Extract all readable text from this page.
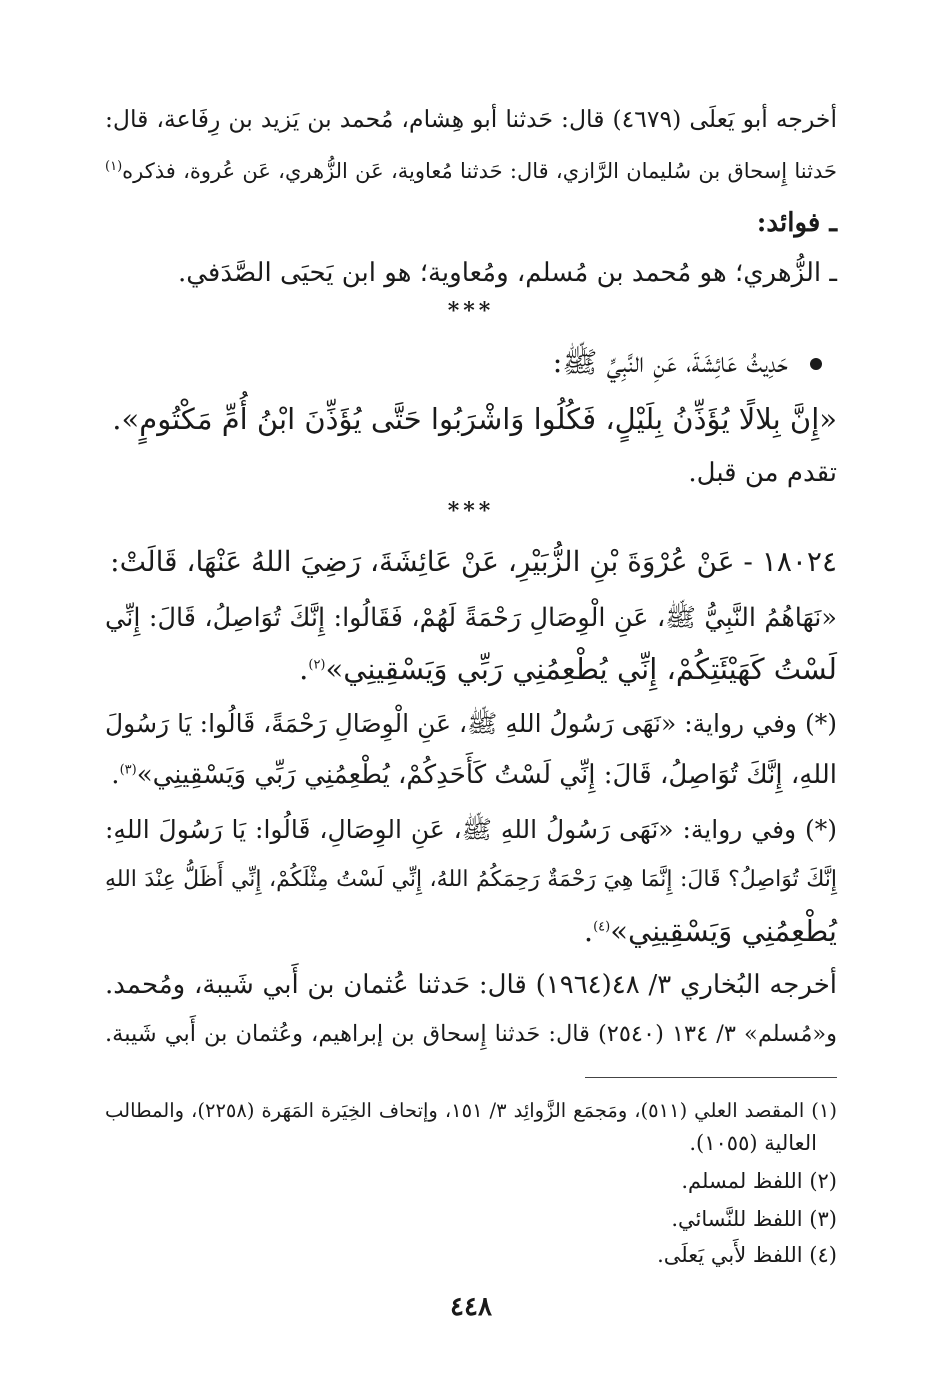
أخرجه أبو يَعلَى (٤٦٧٩) قال: حَدثنا أبو هِشام، مُحمد بن يَزيد بن رِفَاعة، قال:
حَدثنا إِسحاق بن سُليمان الرَّازي، قال: حَدثنا مُعاوية، عَن الزُّهري، عَن عُروة، فذكره$^{(١)}$
ـ فوائد:
ـ الزُّهري؛ هو مُحمد بن مُسلم، ومُعاوية؛ هو ابن يَحيَى الصَّدَفي.
***
حَدِيثُ عَائِشَةَ، عَنِ النَّبِيِّ ﷺ:
«إِنَّ بِلالًا يُؤَذِّنُ بِلَيْلٍ، فَكُلُوا وَاشْرَبُوا حَتَّى يُؤَذِّنَ ابْنُ أُمِّ مَكْتُومٍ».
تقدم من قبل.
***
١٨٠٢٤ - عَنْ عُرْوَةَ بْنِ الزُّبَيْرِ، عَنْ عَائِشَةَ، رَضِيَ اللهُ عَنْهَا، قَالَتْ:
«نَهَاهُمُ النَّبِيُّ ﷺ، عَنِ الْوِصَالِ رَحْمَةً لَهُمْ، فَقَالُوا: إِنَّكَ تُوَاصِلُ، قَالَ: إِنِّي
لَسْتُ كَهَيْئَتِكُمْ، إِنِّي يُطْعِمُنِي رَبِّي وَيَسْقِينِي»$^{(٢)}$.
(*) وفي رواية: «نَهَى رَسُولُ اللهِ ﷺ، عَنِ الْوِصَالِ رَحْمَةً، قَالُوا: يَا رَسُولَ
اللهِ، إِنَّكَ تُوَاصِلُ، قَالَ: إِنِّي لَسْتُ كَأَحَدِكُمْ، يُطْعِمُنِي رَبِّي وَيَسْقِينِي»$^{(٣)}$.
(*) وفي رواية: «نَهَى رَسُولُ اللهِ ﷺ، عَنِ الوِصَالِ، قَالُوا: يَا رَسُولَ اللهِ:
إِنَّكَ تُوَاصِلُ؟ قَالَ: إِنَّمَا هِيَ رَحْمَةٌ رَحِمَكُمُ اللهُ، إِنِّي لَسْتُ مِثْلَكُمْ، إِنِّي أَظَلُّ عِنْدَ اللهِ
يُطْعِمُنِي وَيَسْقِينِي»$^{(٤)}$.
أخرجه البُخاري ٣/ ٤٨(١٩٦٤) قال: حَدثنا عُثمان بن أَبي شَيبة، ومُحمد.
و«مُسلم» ٣/ ١٣٤ (٢٥٤٠) قال: حَدثنا إِسحاق بن إبراهيم، وعُثمان بن أَبي شَيبة.
(١) المقصد العلي (٥١١)، ومَجمَع الزَّوائِد ٣/ ١٥١، وإتحاف الخِيَرة المَهَرة (٢٢٥٨)، والمطالب
العالية (١٠٥٥).
(٢) اللفظ لمسلم.
(٣) اللفظ للنَّسائي.
(٤) اللفظ لأَبي يَعلَى.
٤٤٨
